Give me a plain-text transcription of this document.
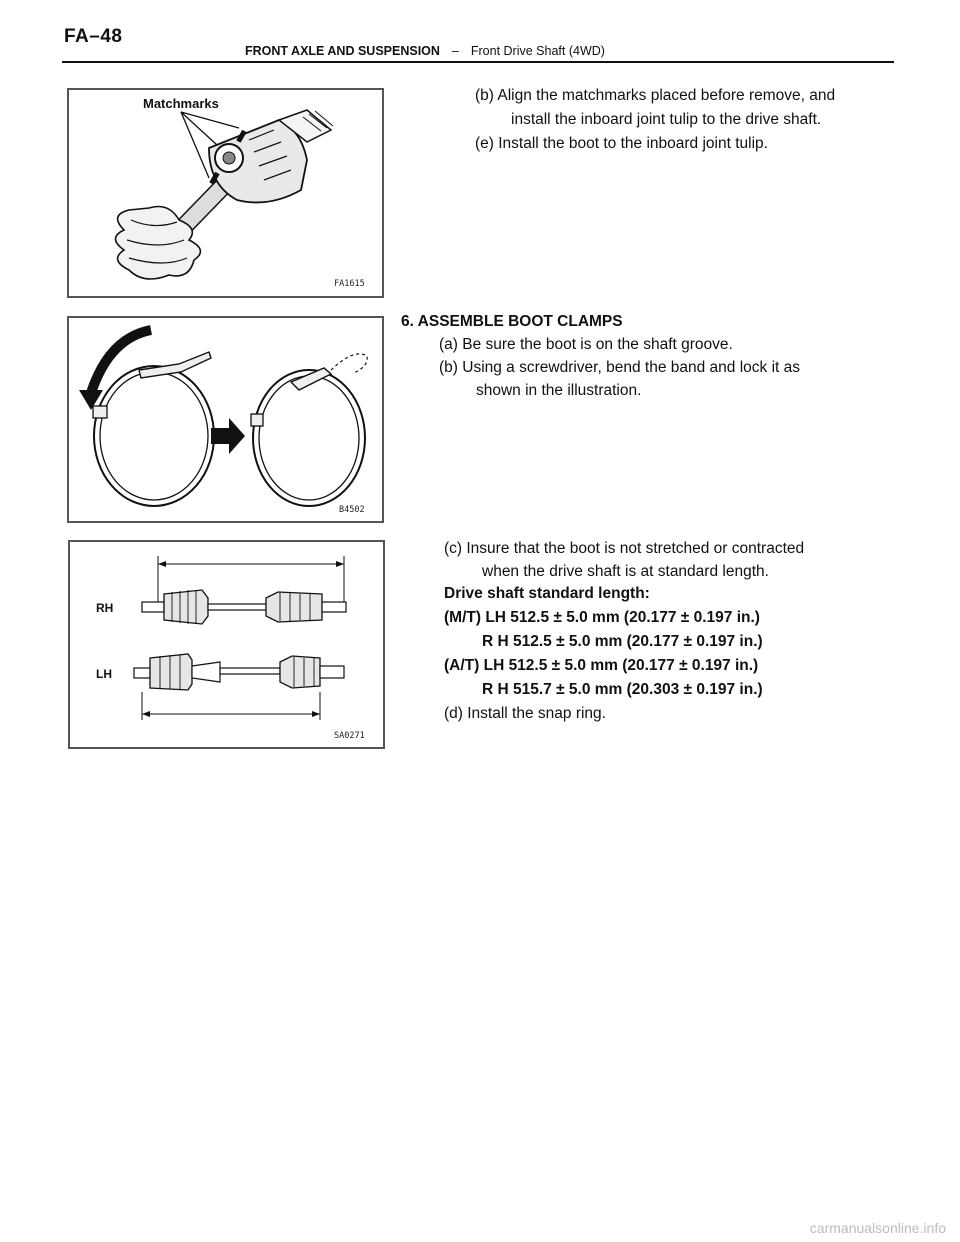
FA–48
FRONT AXLE AND SUSPENSION – Front Drive Shaft (4WD)
Matchmarks
FA1615
B4502
RH
LH
SA0271
(b) Align the matchmarks placed before remove, and
install the inboard joint tulip to the drive shaft.
(e) Install the boot to the inboard joint tulip.
6. ASSEMBLE BOOT CLAMPS
(a) Be sure the boot is on the shaft groove.
(b) Using a screwdriver, bend the band and lock it as
shown in the illustration.
(c) Insure that the boot is not stretched or contracted
when the drive shaft is at standard length.
Drive shaft standard length:
(M/T) LH 512.5 ± 5.0 mm (20.177 ± 0.197 in.)
R H 512.5 ± 5.0 mm (20.177 ± 0.197 in.)
(A/T) LH 512.5 ± 5.0 mm (20.177 ± 0.197 in.)
R H 515.7 ± 5.0 mm (20.303 ± 0.197 in.)
(d) Install the snap ring.
carmanualsonline.info
